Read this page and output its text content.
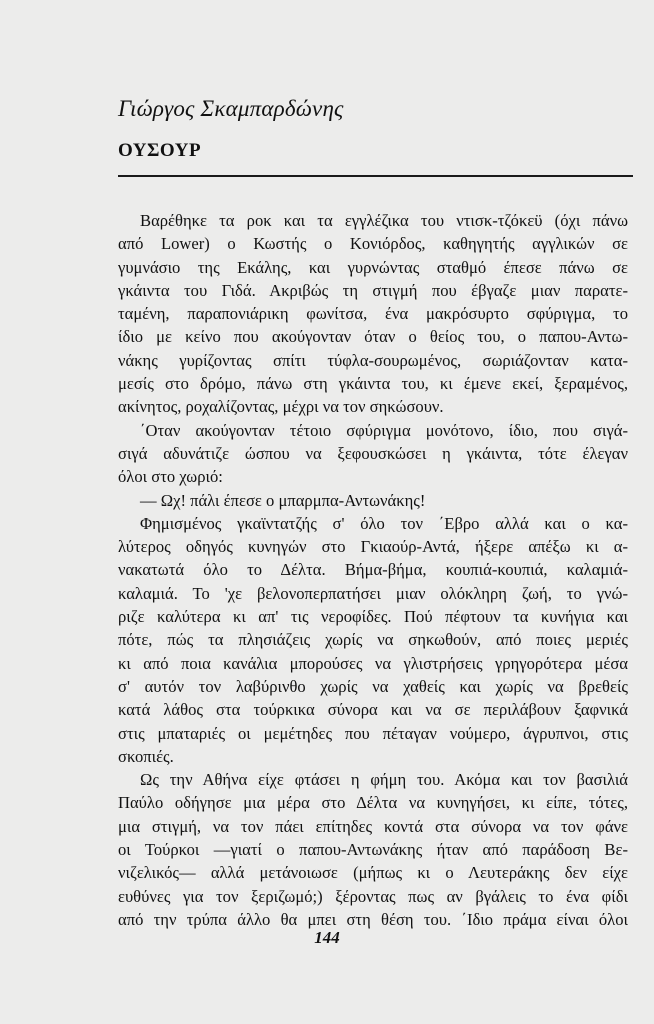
Γιώργος Σκαμπαρδώνης
ΟΥΣΟΥΡ
Βαρέθηκε τα ροκ και τα εγγλέζικα του ντισκ-τζόκεϋ (όχι πάνω
από Lower) ο Κωστής ο Κονιόρδος, καθηγητής αγγλικών σε
γυμνάσιο της Εκάλης, και γυρνώντας σταθμό έπεσε πάνω σε
γκάιντα του Γιδά. Ακριβώς τη στιγμή που έβγαζε μιαν παρατε-
ταμένη, παραπονιάρικη φωνίτσα, ένα μακρόσυρτο σφύριγμα, το
ίδιο με κείνο που ακούγονταν όταν ο θείος του, ο παπου-Αντω-
νάκης γυρίζοντας σπίτι τύφλα-σουρωμένος, σωριάζονταν κατα-
μεσίς στο δρόμο, πάνω στη γκάιντα του, κι έμενε εκεί, ξεραμένος,
ακίνητος, ροχαλίζοντας, μέχρι να τον σηκώσουν.
΄Οταν ακούγονταν τέτοιο σφύριγμα μονότονο, ίδιο, που σιγά-
σιγά αδυνάτιζε ώσπου να ξεφουσκώσει η γκάιντα, τότε έλεγαν
όλοι στο χωριό:
— Ωχ! πάλι έπεσε ο μπαρμπα-Αντωνάκης!
Φημισμένος γκαϊντατζής σ' όλο τον ΄Εβρο αλλά και ο κα-
λύτερος οδηγός κυνηγών στο Γκιαούρ-Αντά, ήξερε απέξω κι α-
νακατωτά όλο το Δέλτα. Βήμα-βήμα, κουπιά-κουπιά, καλαμιά-
καλαμιά. Το 'χε βελονοπερπατήσει μιαν ολόκληρη ζωή, το γνώ-
ριζε καλύτερα κι απ' τις νεροφίδες. Πού πέφτουν τα κυνήγια και
πότε, πώς τα πλησιάζεις χωρίς να σηκωθούν, από ποιες μεριές
κι από ποια κανάλια μπορούσες να γλιστρήσεις γρηγορότερα μέσα
σ' αυτόν τον λαβύρινθο χωρίς να χαθείς και χωρίς να βρεθείς
κατά λάθος στα τούρκικα σύνορα και να σε περιλάβουν ξαφνικά
στις μπαταριές οι μεμέτηδες που πέταγαν νούμερο, άγρυπνοι, στις
σκοπιές.
Ως την Αθήνα είχε φτάσει η φήμη του. Ακόμα και τον βασιλιά
Παύλο οδήγησε μια μέρα στο Δέλτα να κυνηγήσει, κι είπε, τότες,
μια στιγμή, να τον πάει επίτηδες κοντά στα σύνορα να τον φάνε
οι Τούρκοι —γιατί ο παπου-Αντωνάκης ήταν από παράδοση Βε-
νιζελικός— αλλά μετάνοιωσε (μήπως κι ο Λευτεράκης δεν είχε
ευθύνες για τον ξεριζωμό;) ξέροντας πως αν βγάλεις το ένα φίδι
από την τρύπα άλλο θα μπει στη θέση του. ΄Ιδιο πράμα είναι όλοι
144
